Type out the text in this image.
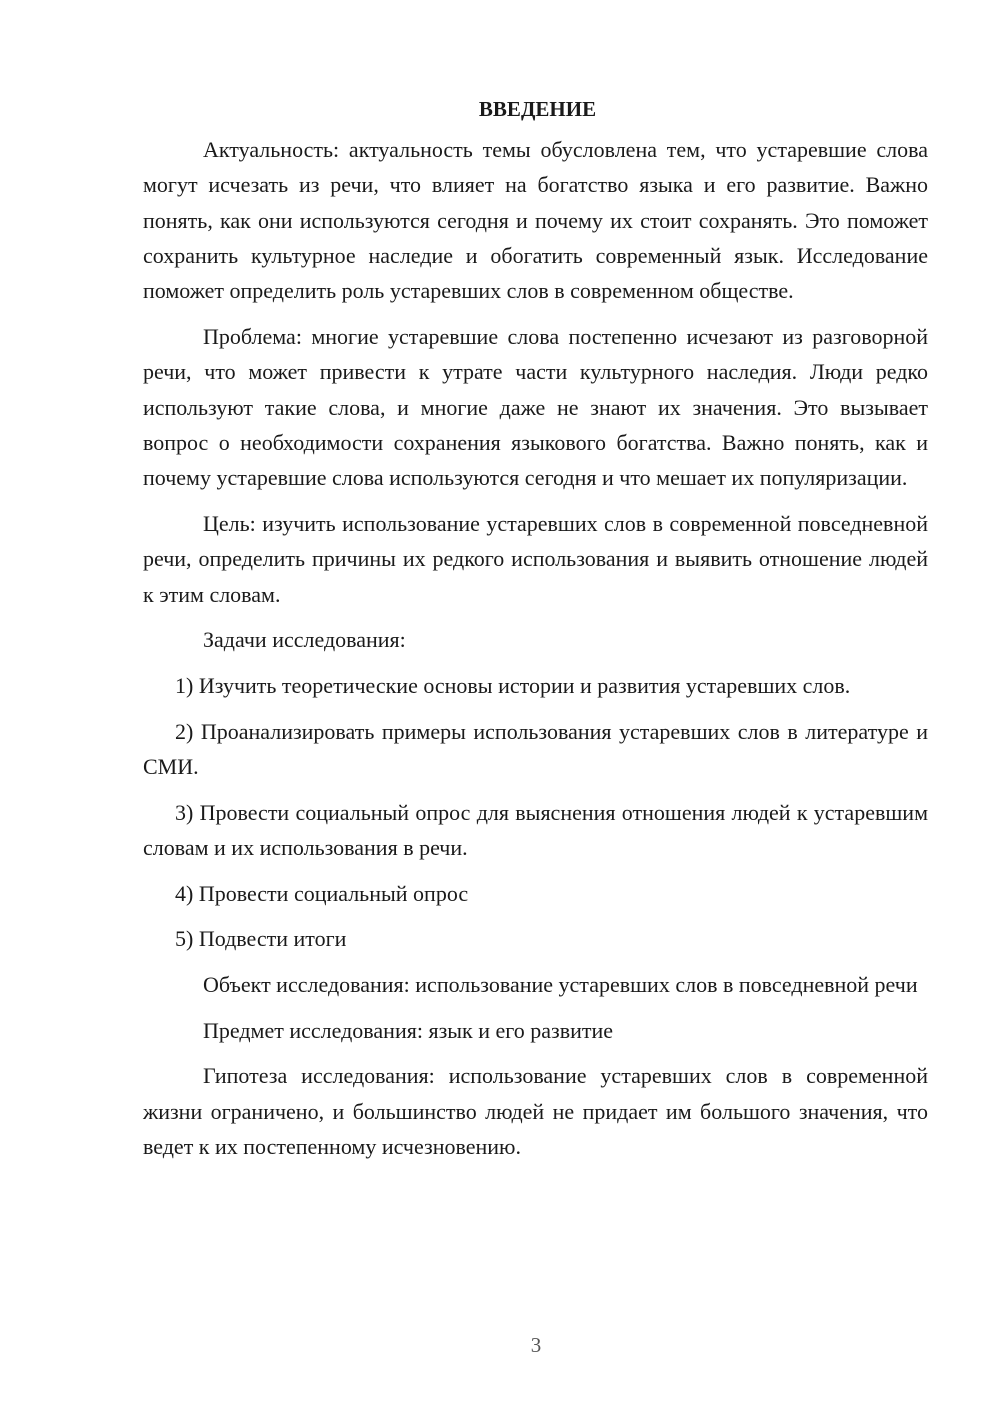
ВВЕДЕНИЕ

Актуальность: актуальность темы обусловлена тем, что устаревшие слова могут исчезать из речи, что влияет на богатство языка и его развитие. Важно понять, как они используются сегодня и почему их стоит сохранять. Это поможет сохранить культурное наследие и обогатить современный язык. Исследование поможет определить роль устаревших слов в современном обществе.

Проблема: многие устаревшие слова постепенно исчезают из разговорной речи, что может привести к утрате части культурного наследия. Люди редко используют такие слова, и многие даже не знают их значения. Это вызывает вопрос о необходимости сохранения языкового богатства. Важно понять, как и почему устаревшие слова используются сегодня и что мешает их популяризации.

Цель: изучить использование устаревших слов в современной повседневной речи, определить причины их редкого использования и выявить отношение людей к этим словам.

Задачи исследования:

1) Изучить теоретические основы истории и развития устаревших слов.

2) Проанализировать примеры использования устаревших слов в литературе и СМИ.

3) Провести социальный опрос для выяснения отношения людей к устаревшим словам и их использования в речи.

4) Провести социальный опрос

5) Подвести итоги

Объект исследования: использование устаревших слов в повседневной речи

Предмет исследования: язык и его развитие

Гипотеза исследования: использование устаревших слов в современной жизни ограничено, и большинство людей не придает им большого значения, что ведет к их постепенному исчезновению.

3
